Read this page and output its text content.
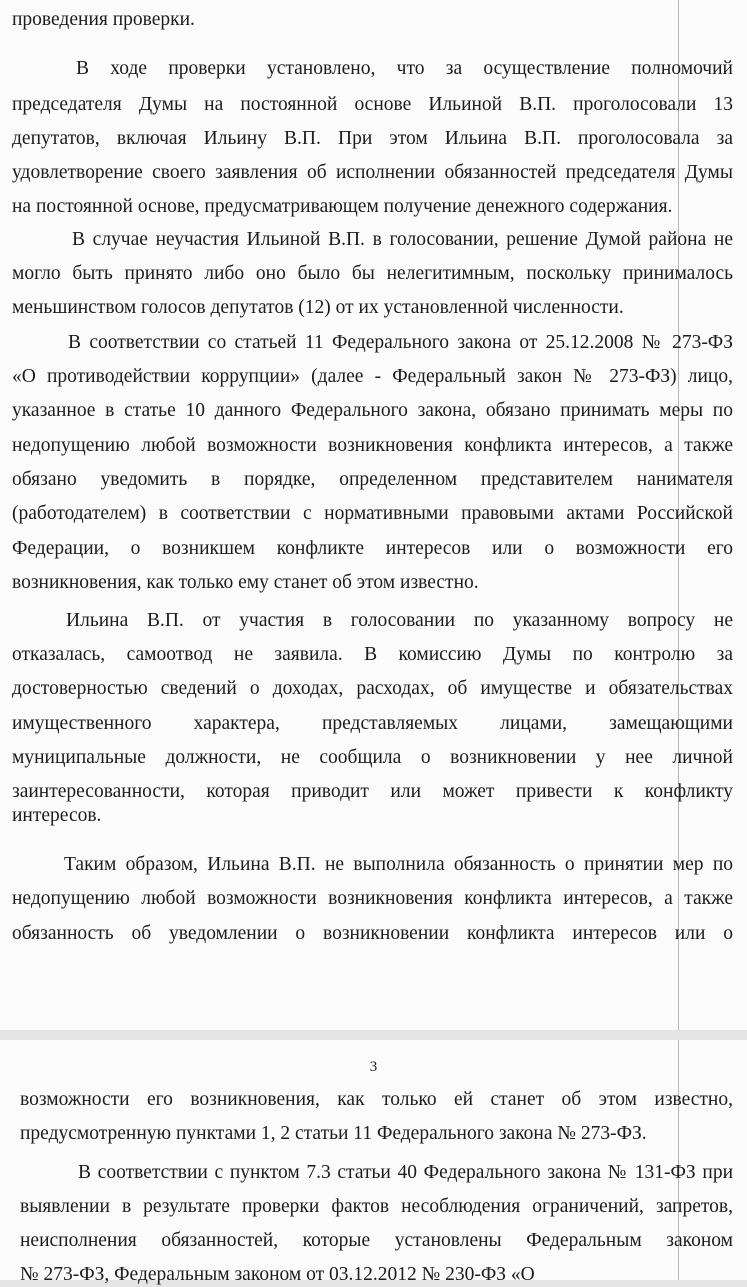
3
проведения проверки.
В ходе проверки установлено, что за осуществление полномочий
председателя Думы на постоянной основе Ильиной В.П. проголосовали 13
депутатов, включая Ильину В.П. При этом Ильина В.П. проголосовала за
удовлетворение своего заявления об исполнении обязанностей председателя Думы
на постоянной основе, предусматривающем получение денежного содержания.
В случае неучастия Ильиной В.П. в голосовании, решение Думой района не
могло быть принято либо оно было бы нелегитимным, поскольку принималось
меньшинством голосов депутатов (12) от их установленной численности.
В соответствии со статьей 11 Федерального закона от 25.12.2008 № 273-ФЗ
«О противодействии коррупции» (далее - Федеральный закон № 273-ФЗ) лицо,
указанное в статье 10 данного Федерального закона, обязано принимать меры по
недопущению любой возможности возникновения конфликта интересов, а также
обязано уведомить в порядке, определенном представителем нанимателя
(работодателем) в соответствии с нормативными правовыми актами Российской
Федерации, о возникшем конфликте интересов или о возможности его
возникновения, как только ему станет об этом известно.
Ильина В.П. от участия в голосовании по указанному вопросу не
отказалась, самоотвод не заявила. В комиссию Думы по контролю за
достоверностью сведений о доходах, расходах, об имуществе и обязательствах
имущественного характера, представляемых лицами, замещающими
муниципальные должности, не сообщила о возникновении у нее личной
заинтересованности, которая приводит или может привести к конфликту
интересов.
Таким образом, Ильина В.П. не выполнила обязанность о принятии мер по
недопущению любой возможности возникновения конфликта интересов, а также
обязанность об уведомлении о возникновении конфликта интересов или о
возможности его возникновения, как только ей станет об этом известно,
предусмотренную пунктами 1, 2 статьи 11 Федерального закона № 273-ФЗ.
В соответствии с пунктом 7.3 статьи 40 Федерального закона № 131-ФЗ при
выявлении в результате проверки фактов несоблюдения ограничений, запретов,
неисполнения обязанностей, которые установлены Федеральным законом
№ 273-ФЗ, Федеральным законом от 03.12.2012 № 230-ФЗ «О
